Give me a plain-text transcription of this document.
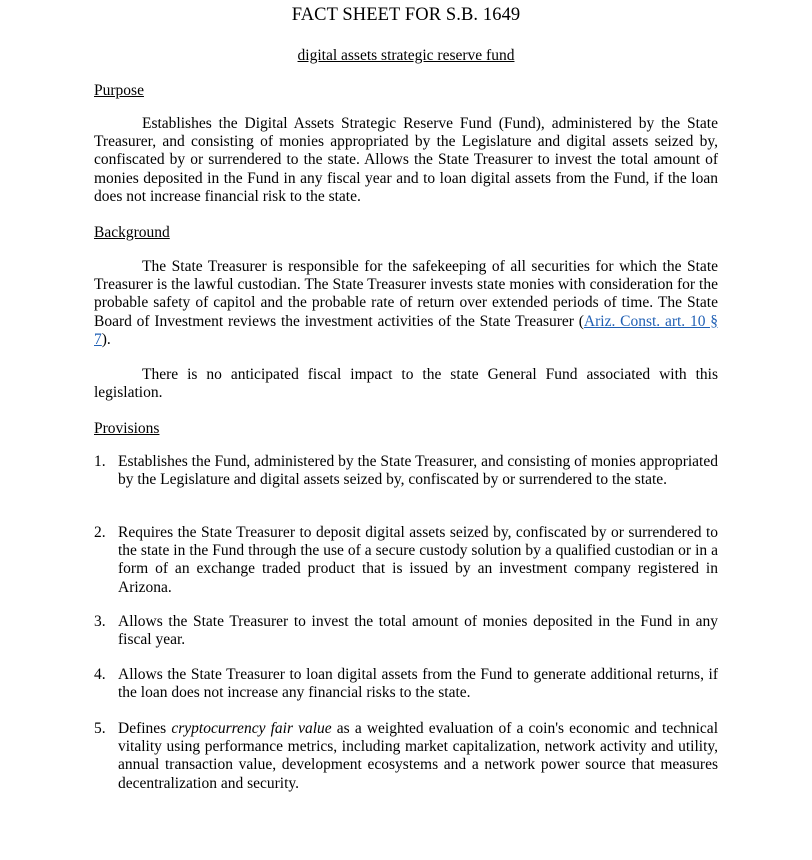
FACT SHEET FOR S.B. 1649
digital assets strategic reserve fund
Purpose

Establishes the Digital Assets Strategic Reserve Fund (Fund), administered by the State Treasurer, and consisting of monies appropriated by the Legislature and digital assets seized by, confiscated by or surrendered to the state. Allows the State Treasurer to invest the total amount of monies deposited in the Fund in any fiscal year and to loan digital assets from the Fund, if the loan does not increase financial risk to the state.

Background

The State Treasurer is responsible for the safekeeping of all securities for which the State Treasurer is the lawful custodian. The State Treasurer invests state monies with consideration for the probable safety of capitol and the probable rate of return over extended periods of time. The State Board of Investment reviews the investment activities of the State Treasurer (Ariz. Const. art. 10 § 7).

There is no anticipated fiscal impact to the state General Fund associated with this legislation.

Provisions
1. Establishes the Fund, administered by the State Treasurer, and consisting of monies appropriated by the Legislature and digital assets seized by, confiscated by or surrendered to the state.
2. Requires the State Treasurer to deposit digital assets seized by, confiscated by or surrendered to the state in the Fund through the use of a secure custody solution by a qualified custodian or in a form of an exchange traded product that is issued by an investment company registered in Arizona.
3. Allows the State Treasurer to invest the total amount of monies deposited in the Fund in any fiscal year.
4. Allows the State Treasurer to loan digital assets from the Fund to generate additional returns, if the loan does not increase any financial risks to the state.
5. Defines cryptocurrency fair value as a weighted evaluation of a coin's economic and technical vitality using performance metrics, including market capitalization, network activity and utility, annual transaction value, development ecosystems and a network power source that measures decentralization and security.
